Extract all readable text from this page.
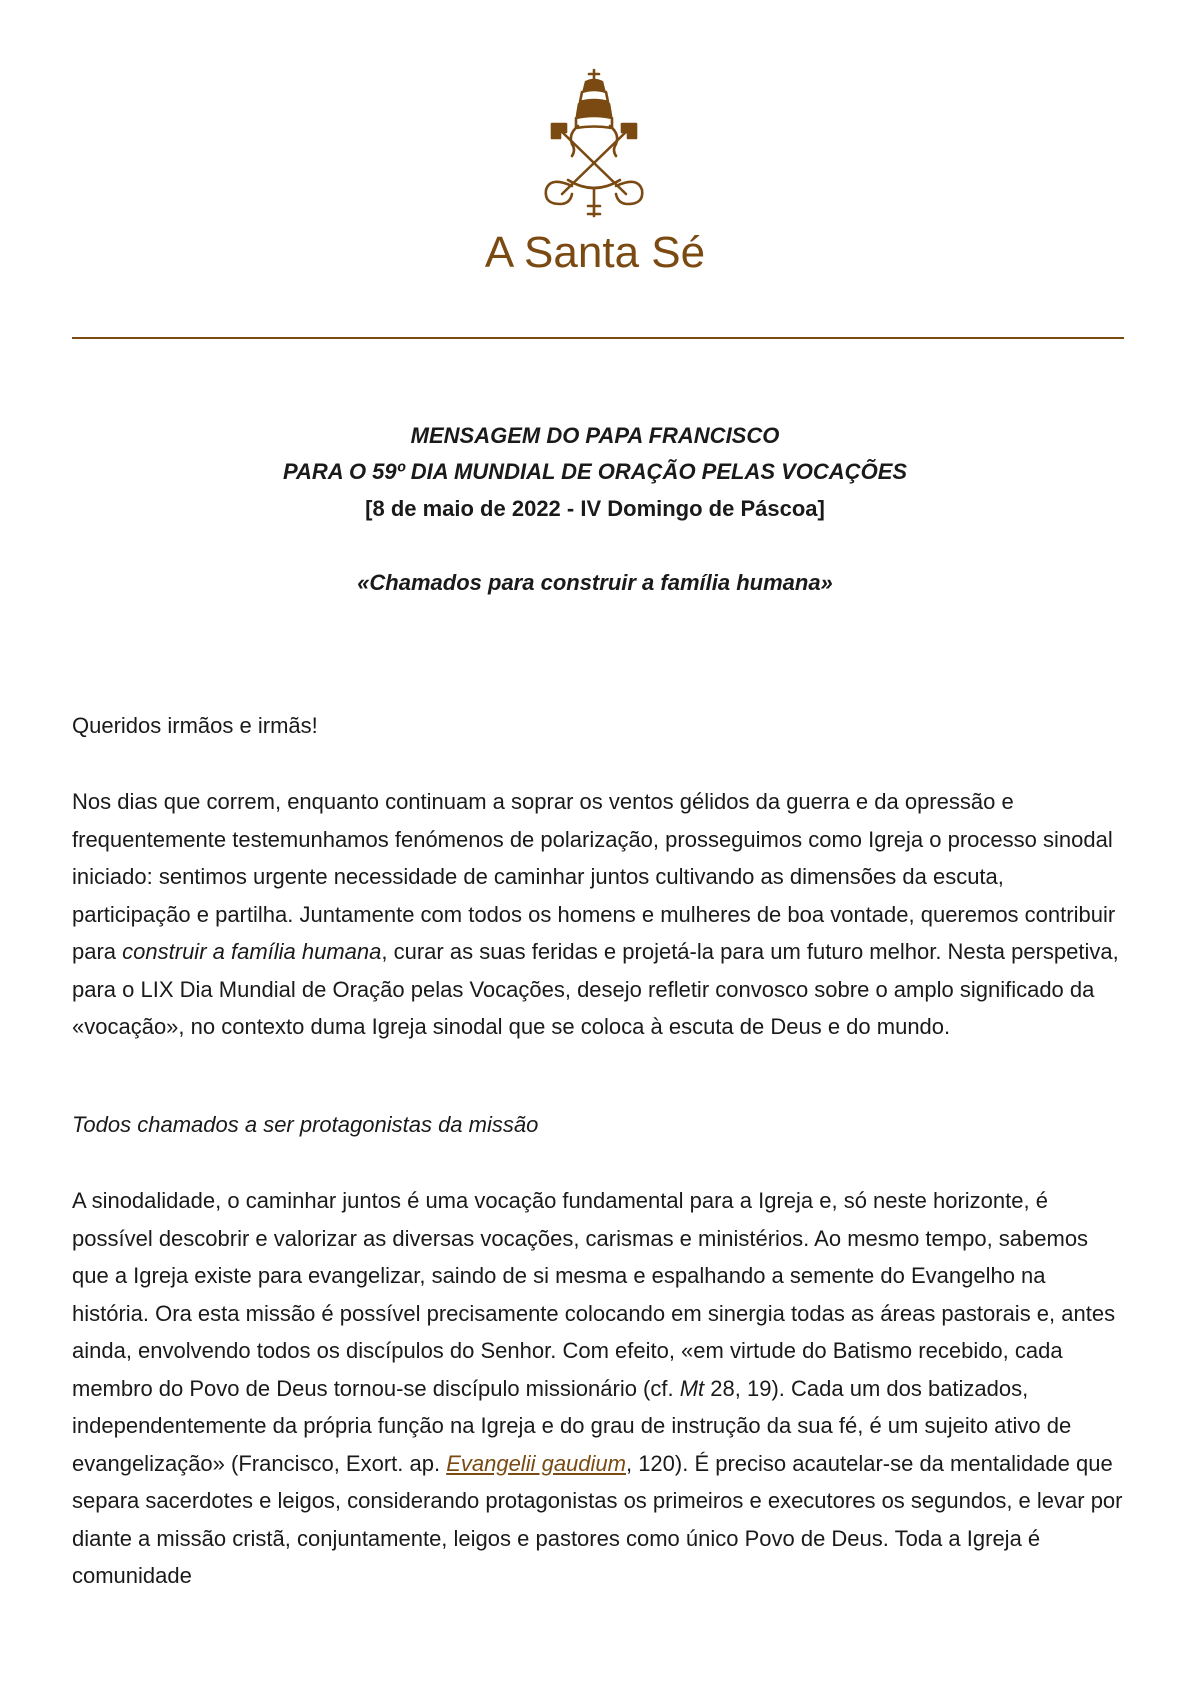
A Santa Sé
MENSAGEM DO PAPA FRANCISCO
PARA O 59º DIA MUNDIAL DE ORAÇÃO PELAS VOCAÇÕES
[8 de maio de 2022 - IV Domingo de Páscoa]
«Chamados para construir a família humana»
Queridos irmãos e irmãs!
Nos dias que correm, enquanto continuam a soprar os ventos gélidos da guerra e da opressão e frequentemente testemunhamos fenómenos de polarização, prosseguimos como Igreja o processo sinodal iniciado: sentimos urgente necessidade de caminhar juntos cultivando as dimensões da escuta, participação e partilha. Juntamente com todos os homens e mulheres de boa vontade, queremos contribuir para construir a família humana, curar as suas feridas e projetá-la para um futuro melhor. Nesta perspetiva, para o LIX Dia Mundial de Oração pelas Vocações, desejo refletir convosco sobre o amplo significado da «vocação», no contexto duma Igreja sinodal que se coloca à escuta de Deus e do mundo.
Todos chamados a ser protagonistas da missão
A sinodalidade, o caminhar juntos é uma vocação fundamental para a Igreja e, só neste horizonte, é possível descobrir e valorizar as diversas vocações, carismas e ministérios. Ao mesmo tempo, sabemos que a Igreja existe para evangelizar, saindo de si mesma e espalhando a semente do Evangelho na história. Ora esta missão é possível precisamente colocando em sinergia todas as áreas pastorais e, antes ainda, envolvendo todos os discípulos do Senhor. Com efeito, «em virtude do Batismo recebido, cada membro do Povo de Deus tornou-se discípulo missionário (cf. Mt 28, 19). Cada um dos batizados, independentemente da própria função na Igreja e do grau de instrução da sua fé, é um sujeito ativo de evangelização» (Francisco, Exort. ap. Evangelii gaudium, 120). É preciso acautelar-se da mentalidade que separa sacerdotes e leigos, considerando protagonistas os primeiros e executores os segundos, e levar por diante a missão cristã, conjuntamente, leigos e pastores como único Povo de Deus. Toda a Igreja é comunidade
